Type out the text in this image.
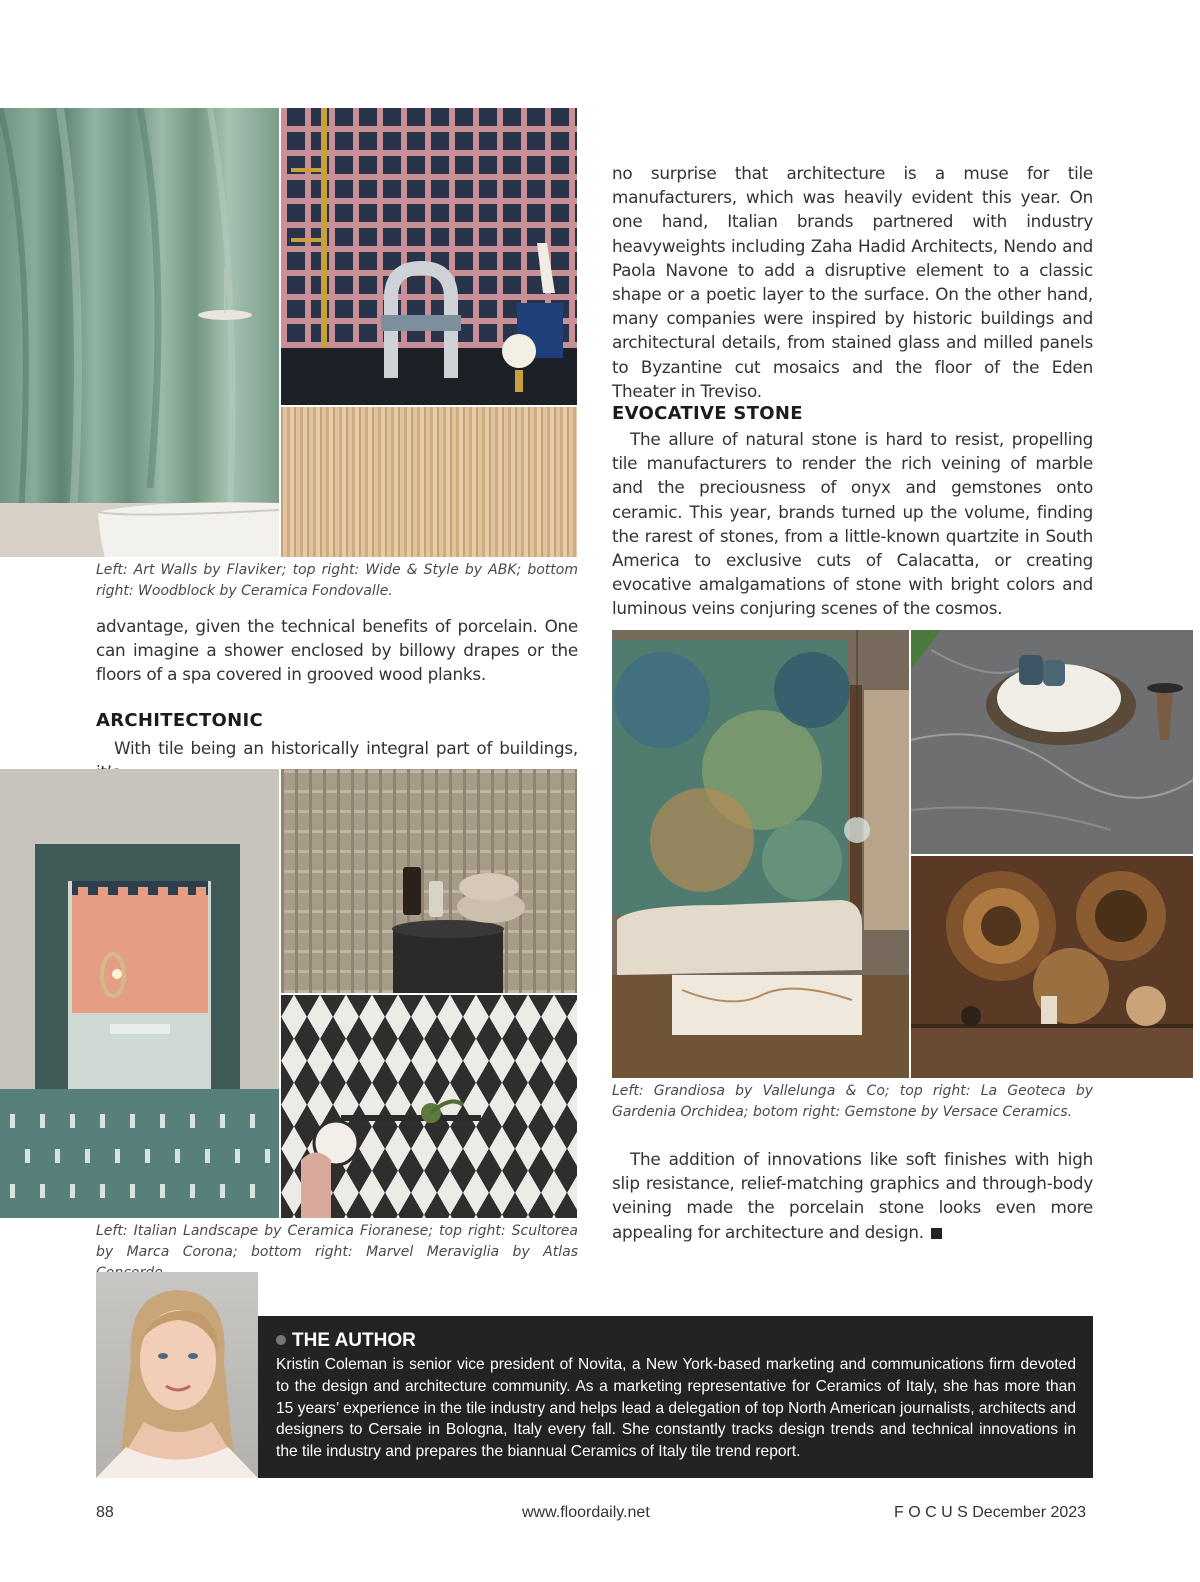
Left: Art Walls by Flaviker; top right: Wide & Style by ABK; bottom right: Woodblock by Ceramica Fondovalle.

advantage, given the technical benefits of porcelain. One can imagine a shower enclosed by billowy drapes or the floors of a spa covered in grooved wood planks.

ARCHITECTONIC

With tile being an historically integral part of buildings,

Left: Italian Landscape by Ceramica Fioranese; top right: Scultorea by Marca Corona; bottom right: Marvel Meraviglia by Atlas

no surprise that architecture is a muse for tile manufacturers, which was heavily evident this year. On one hand, Italian brands partnered with industry heavyweights including Zaha Hadid Architects, Nendo and Paola Navone to add a disruptive element to a classic shape or a poetic layer to the surface. On the other hand, many companies were inspired by historic buildings and architectural details, from stained glass and milled panels to Byzantine cut mosaics and the floor of the Eden Theater in Treviso.

EVOCATIVE STONE

The allure of natural stone is hard to resist, propelling tile manufacturers to render the rich veining of marble and the preciousness of onyx and gemstones onto ceramic. This year, brands turned up the volume, finding the rarest of stones, from a little-known quartzite in South America to exclusive cuts of Calacatta, or creating evocative amalgamations of stone with bright colors and luminous veins conjuring scenes of the cosmos.

Left: Grandiosa by Vallelunga & Co; top right: La Geoteca by Gardenia Orchidea; botom right: Gemstone by Versace Ceramics.

The addition of innovations like soft finishes with high slip resistance, relief-matching graphics and through-body veining made the porcelain stone looks even more appealing for architecture and design.

THE AUTHOR
Kristin Coleman is senior vice president of Novita, a New York-based marketing and communications firm devoted to the design and architecture community. As a marketing representative for Ceramics of Italy, she has more than 15 years’ experience in the tile industry and helps lead a delegation of top North American journalists, architects and designers to Cersaie in Bologna, Italy every fall. She constantly tracks design trends and technical innovations in the tile industry and prepares the biannual Ceramics of Italy tile trend report.
88	www.floordaily.net	F O C U S December 2023
